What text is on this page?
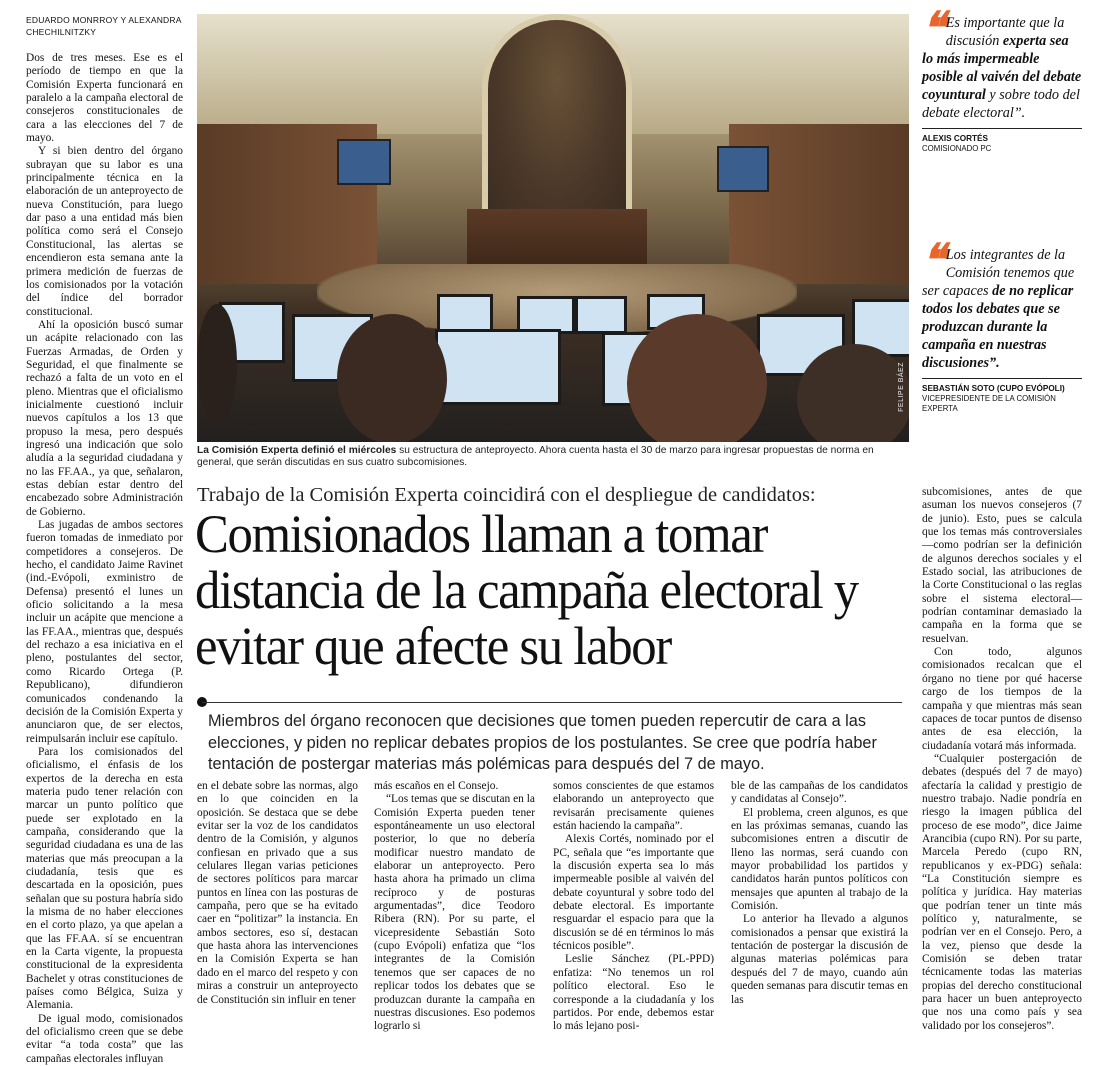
EDUARDO MONRROY Y ALEXANDRA CHECHILNITZKY

Dos de tres meses. Ese es el período de tiempo en que la Comisión Experta funcionará en paralelo a la campaña electoral de consejeros constitucionales de cara a las elecciones del 7 de mayo.

Y si bien dentro del órgano subrayan que su labor es una principalmente técnica en la elaboración de un anteproyecto de nueva Constitución, para luego dar paso a una entidad más bien política como será el Consejo Constitucional, las alertas se encendieron esta semana ante la primera medición de fuerzas de los comisionados por la votación del índice del borrador constitucional.

Ahí la oposición buscó sumar un acápite relacionado con las Fuerzas Armadas, de Orden y Seguridad, el que finalmente se rechazó a falta de un voto en el pleno. Mientras que el oficialismo inicialmente cuestionó incluir nuevos capítulos a los 13 que propuso la mesa, pero después ingresó una indicación que solo aludía a la seguridad ciudadana y no las FF.AA., ya que, señalaron, estas debían estar dentro del encabezado sobre Administración de Gobierno.

Las jugadas de ambos sectores fueron tomadas de inmediato por competidores a consejeros. De hecho, el candidato Jaime Ravinet (ind.-Evópoli, exministro de Defensa) presentó el lunes un oficio solicitando a la mesa incluir un acápite que mencione a las FF.AA., mientras que, después del rechazo a esa iniciativa en el pleno, postulantes del sector, como Ricardo Ortega (P. Republicano), difundieron comunicados condenando la decisión de la Comisión Experta y anunciaron que, de ser electos, reimpulsarán incluir ese capítulo.

Para los comisionados del oficialismo, el énfasis de los expertos de la derecha en esta materia pudo tener relación con marcar un punto político que puede ser explotado en la campaña, considerando que la seguridad ciudadana es una de las materias que más preocupan a la ciudadanía, tesis que es descartada en la oposición, pues señalan que su postura habría sido la misma de no haber elecciones en el corto plazo, ya que apelan a que las FF.AA. sí se encuentran en la Carta vigente, la propuesta constitucional de la expresidenta Bachelet y otras constituciones de países como Bélgica, Suiza y Alemania.

De igual modo, comisionados del oficialismo creen que se debe evitar “a toda costa” que las campañas electorales influyan

FELIPE BÁEZ
La Comisión Experta definió el miércoles su estructura de anteproyecto. Ahora cuenta hasta el 30 de marzo para ingresar propuestas de norma en general, que serán discutidas en sus cuatro subcomisiones.
❝ Es importante que la discusión experta sea lo más impermeable posible al vaivén del debate coyuntural y sobre todo del debate electoral”.
ALEXIS CORTÉS
COMISIONADO PC
❝ Los integrantes de la Comisión tenemos que ser capaces de no replicar todos los debates que se produzcan durante la campaña en nuestras discusiones”.
SEBASTIÁN SOTO (CUPO EVÓPOLI)
VICEPRESIDENTE DE LA COMISIÓN EXPERTA
Trabajo de la Comisión Experta coincidirá con el despliegue de candidatos:
Comisionados llaman a tomar distancia de la campaña electoral y evitar que afecte su labor
Miembros del órgano reconocen que decisiones que tomen pueden repercutir de cara a las elecciones, y piden no replicar debates propios de los postulantes. Se cree que podría haber tentación de postergar materias más polémicas para después del 7 de mayo.

en el debate sobre las normas, algo en lo que coinciden en la oposición. Se destaca que se debe evitar ser la voz de los candidatos dentro de la Comisión, y algunos confiesan en privado que a sus celulares llegan varias peticiones de sectores políticos para marcar puntos en línea con las posturas de campaña, pero que se ha evitado caer en “politizar” la instancia. En ambos sectores, eso sí, destacan que hasta ahora las intervenciones en la Comisión Experta se han dado en el marco del respeto y con miras a construir un anteproyecto de Constitución sin influir en tener

más escaños en el Consejo.

“Los temas que se discutan en la Comisión Experta pueden tener espontáneamente un uso electoral posterior, lo que no debería modificar nuestro mandato de elaborar un anteproyecto. Pero hasta ahora ha primado un clima recíproco y de posturas argumentadas”, dice Teodoro Ribera (RN). Por su parte, el vicepresidente Sebastián Soto (cupo Evópoli) enfatiza que “los integrantes de la Comisión tenemos que ser capaces de no replicar todos los debates que se produzcan durante la campaña en nuestras discusiones. Eso podemos lograrlo si

somos conscientes de que estamos elaborando un anteproyecto que revisarán precisamente quienes están haciendo la campaña”.

Alexis Cortés, nominado por el PC, señala que “es importante que la discusión experta sea lo más impermeable posible al vaivén del debate coyuntural y sobre todo del debate electoral. Es importante resguardar el espacio para que la discusión se dé en términos lo más técnicos posible”.

Leslie Sánchez (PL-PPD) enfatiza: “No tenemos un rol político electoral. Eso le corresponde a la ciudadanía y los partidos. Por ende, debemos estar lo más lejano posi-

ble de las campañas de los candidatos y candidatas al Consejo”.

El problema, creen algunos, es que en las próximas semanas, cuando las subcomisiones entren a discutir de lleno las normas, será cuando con mayor probabilidad los partidos y candidatos harán puntos políticos con mensajes que apunten al trabajo de la Comisión.

Lo anterior ha llevado a algunos comisionados a pensar que existirá la tentación de postergar la discusión de algunas materias polémicas para después del 7 de mayo, cuando aún queden semanas para discutir temas en las

subcomisiones, antes de que asuman los nuevos consejeros (7 de junio). Esto, pues se calcula que los temas más controversiales —como podrían ser la definición de algunos derechos sociales y el Estado social, las atribuciones de la Corte Constitucional o las reglas sobre el sistema electoral— podrían contaminar demasiado la campaña en la forma que se resuelvan.

Con todo, algunos comisionados recalcan que el órgano no tiene por qué hacerse cargo de los tiempos de la campaña y que mientras más sean capaces de tocar puntos de disenso antes de esa elección, la ciudadanía votará más informada.

“Cualquier postergación de debates (después del 7 de mayo) afectaría la calidad y prestigio de nuestro trabajo. Nadie pondría en riesgo la imagen pública del proceso de ese modo”, dice Jaime Arancibia (cupo RN). Por su parte, Marcela Peredo (cupo RN, republicanos y ex-PDG) señala: “La Constitución siempre es política y jurídica. Hay materias que podrían tener un tinte más político y, naturalmente, se podrían ver en el Consejo. Pero, a la vez, pienso que desde la Comisión se deben tratar técnicamente todas las materias propias del derecho constitucional para hacer un buen anteproyecto que nos una como país y sea validado por los consejeros”.
